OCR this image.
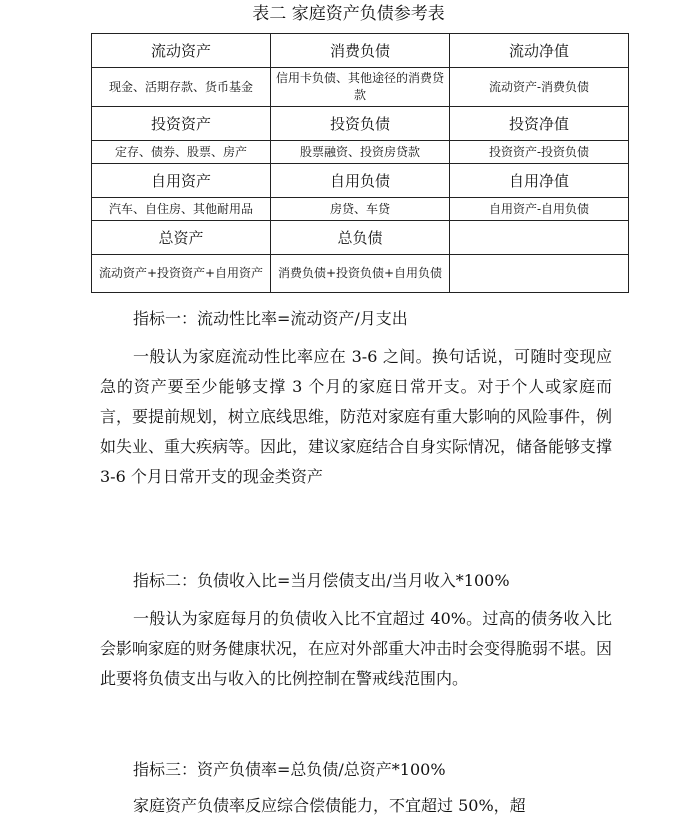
表二 家庭资产负债参考表
流动资产	消费负债	流动净值
现金、活期存款、货币基金	信用卡负债、其他途径的消费贷款	流动资产-消费负债
投资资产	投资负债	投资净值
定存、债券、股票、房产	股票融资、投资房贷款	投资资产-投资负债
自用资产	自用负债	自用净值
汽车、自住房、其他耐用品	房贷、车贷	自用资产-自用负债
总资产	总负债	
流动资产+投资资产+自用资产	消费负债+投资负债+自用负债	

指标一：流动性比率=流动资产/月支出

一般认为家庭流动性比率应在 3-6 之间。换句话说，可随时变现应急的资产要至少能够支撑 3 个月的家庭日常开支。对于个人或家庭而言，要提前规划，树立底线思维，防范对家庭有重大影响的风险事件，例如失业、重大疾病等。因此，建议家庭结合自身实际情况，储备能够支撑 3-6 个月日常开支的现金类资产

指标二：负债收入比=当月偿债支出/当月收入*100%

一般认为家庭每月的负债收入比不宜超过 40%。过高的债务收入比会影响家庭的财务健康状况，在应对外部重大冲击时会变得脆弱不堪。因此要将负债支出与收入的比例控制在警戒线范围内。

指标三：资产负债率=总负债/总资产*100%

家庭资产负债率反应综合偿债能力，不宜超过 50%，超
